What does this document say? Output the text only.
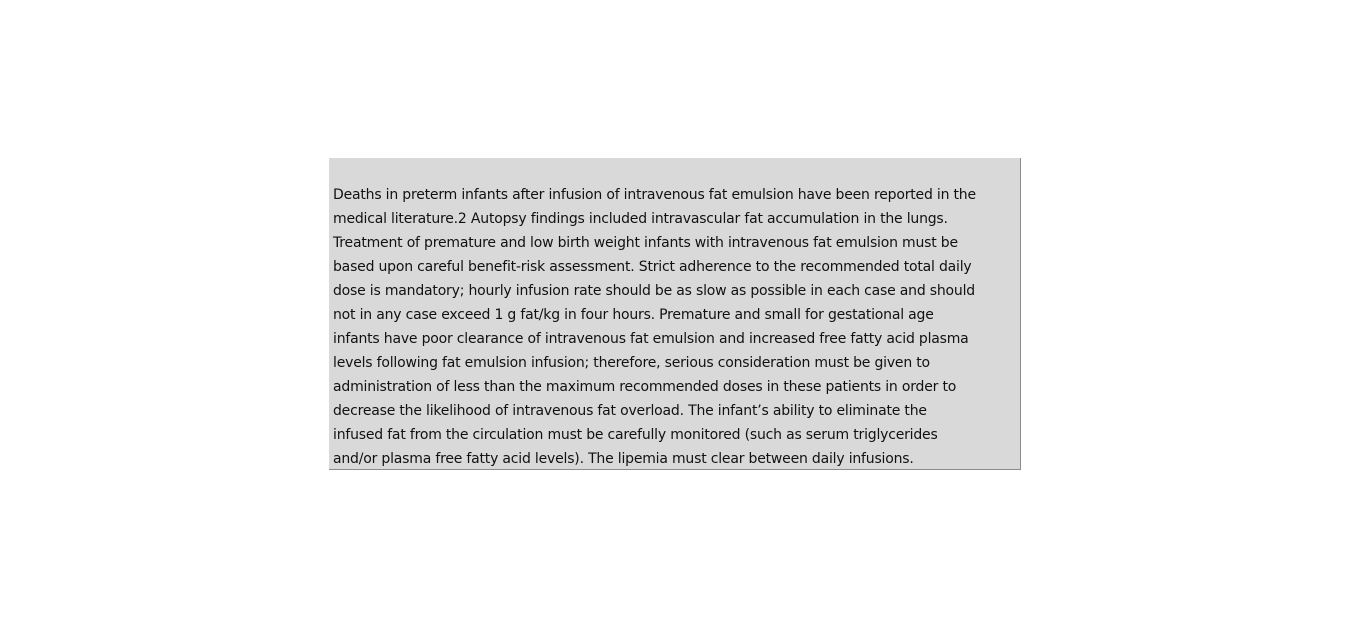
Deaths in preterm infants after infusion of intravenous fat emulsion have been reported in the
medical literature.2 Autopsy findings included intravascular fat accumulation in the lungs.
Treatment of premature and low birth weight infants with intravenous fat emulsion must be
based upon careful benefit-risk assessment. Strict adherence to the recommended total daily
dose is mandatory; hourly infusion rate should be as slow as possible in each case and should
not in any case exceed 1 g fat/kg in four hours. Premature and small for gestational age
infants have poor clearance of intravenous fat emulsion and increased free fatty acid plasma
levels following fat emulsion infusion; therefore, serious consideration must be given to
administration of less than the maximum recommended doses in these patients in order to
decrease the likelihood of intravenous fat overload. The infant’s ability to eliminate the
infused fat from the circulation must be carefully monitored (such as serum triglycerides
and/or plasma free fatty acid levels). The lipemia must clear between daily infusions.
